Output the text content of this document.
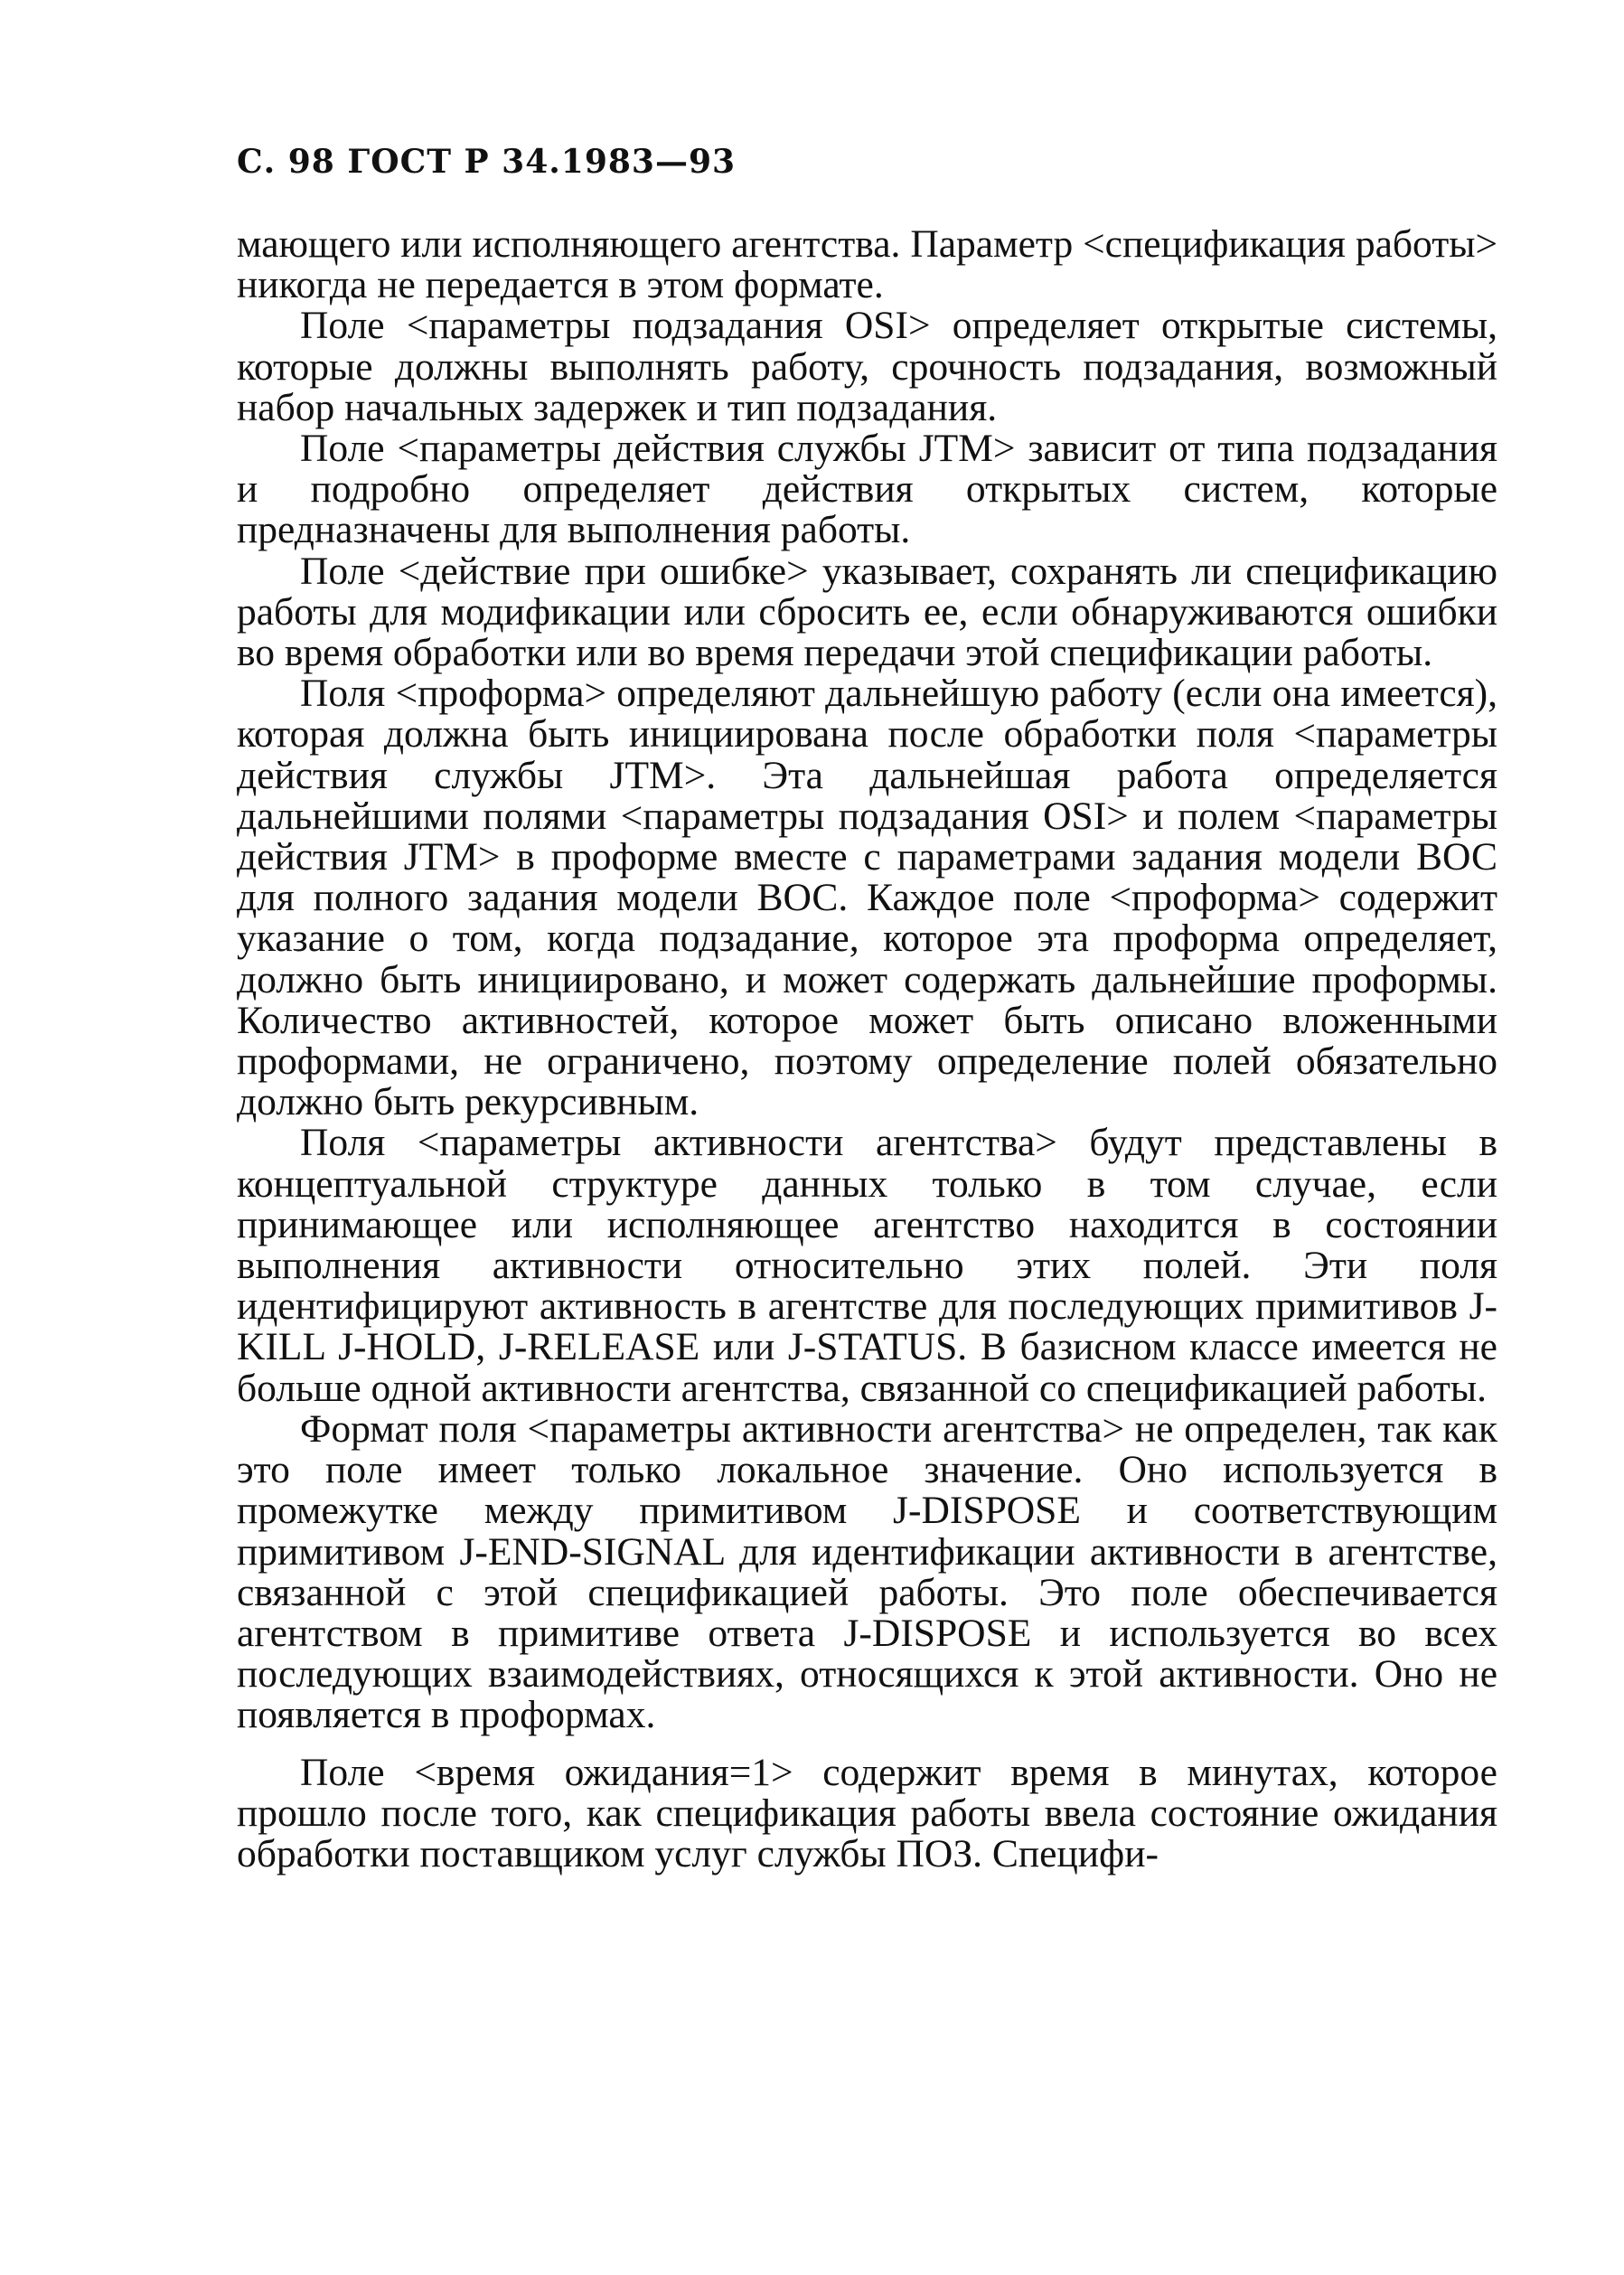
С. 98 ГОСТ Р 34.1983—93

мающего или исполняющего агентства. Параметр <спецификация работы> никогда не передается в этом формате.

Поле <параметры подзадания OSI> определяет открытые системы, которые должны выполнять работу, срочность подзадания, возможный набор начальных задержек и тип подзадания.

Поле <параметры действия службы JTM> зависит от типа подзадания и подробно определяет действия открытых систем, которые предназначены для выполнения работы.

Поле <действие при ошибке> указывает, сохранять ли спецификацию работы для модификации или сбросить ее, если обнаруживаются ошибки во время обработки или во время передачи этой спецификации работы.

Поля <проформа> определяют дальнейшую работу (если она имеется), которая должна быть инициирована после обработки поля <параметры действия службы JTM>. Эта дальнейшая работа определяется дальнейшими полями <параметры подзадания OSI> и полем <параметры действия JTM> в проформе вместе с параметрами задания модели ВОС для полного задания модели ВОС. Каждое поле <проформа> содержит указание о том, когда подзадание, которое эта проформа определяет, должно быть инициировано, и может содержать дальнейшие проформы. Количество активностей, которое может быть описано вложенными проформами, не ограничено, поэтому определение полей обязательно должно быть рекурсивным.

Поля <параметры активности агентства> будут представлены в концептуальной структуре данных только в том случае, если принимающее или исполняющее агентство находится в состоянии выполнения активности относительно этих полей. Эти поля идентифицируют активность в агентстве для последующих примитивов J-KILL J-HOLD, J-RELEASE или J-STATUS. В базисном классе имеется не больше одной активности агентства, связанной со спецификацией работы.

Формат поля <параметры активности агентства> не определен, так как это поле имеет только локальное значение. Оно используется в промежутке между примитивом J-DISPOSE и соответствующим примитивом J-END-SIGNAL для идентификации активности в агентстве, связанной с этой спецификацией работы. Это поле обеспечивается агентством в примитиве ответа J-DISPOSE и используется во всех последующих взаимодействиях, относящихся к этой активности. Оно не появляется в проформах.

Поле <время ожидания=1> содержит время в минутах, которое прошло после того, как спецификация работы ввела состояние ожидания обработки поставщиком услуг службы ПОЗ. Специфи-
